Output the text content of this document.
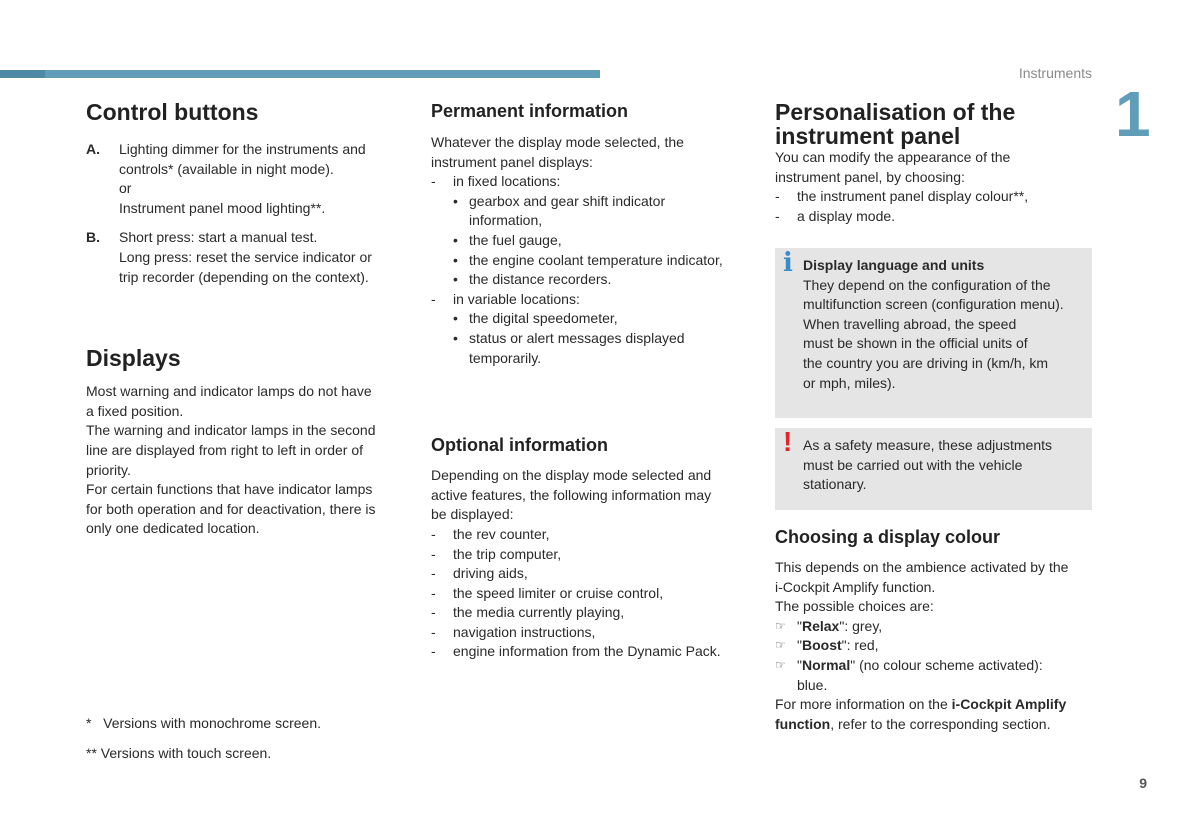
Instruments
1
9
Control buttons
A. Lighting dimmer for the instruments and

controls* (available in night mode).

or

Instrument panel mood lighting**.

B. Short press: start a manual test.

Long press: reset the service indicator or

trip recorder (depending on the context).

Displays

Most warning and indicator lamps do not have

a fixed position.

The warning and indicator lamps in the second

line are displayed from right to left in order of

priority.

For certain functions that have indicator lamps

for both operation and for deactivation, there is

only one dedicated location.

* Versions with monochrome screen.
** Versions with touch screen.
Permanent information

Whatever the display mode selected, the

instrument panel displays:

- in fixed locations:

• gearbox and gear shift indicator

information,

• the fuel gauge,
• the engine coolant temperature indicator,
• the distance recorders.
- in variable locations:
• the digital speedometer,

• status or alert messages displayed

temporarily.

Optional information

Depending on the display mode selected and

active features, the following information may

be displayed:

- the rev counter,
- the trip computer,
- driving aids,
- the speed limiter or cruise control,
- the media currently playing,
- navigation instructions,
- engine information from the Dynamic Pack.
Personalisation of the
instrument panel

You can modify the appearance of the

instrument panel, by choosing:

- the instrument panel display colour**,
- a display mode.
i Display language and units

They depend on the configuration of the

multifunction screen (configuration menu).

When travelling abroad, the speed

must be shown in the official units of

the country you are driving in (km/h, km

or mph, miles).

! As a safety measure, these adjustments

must be carried out with the vehicle

stationary.

Choosing a display colour

This depends on the ambience activated by the

i-Cockpit Amplify function.

The possible choices are:

☞ "Relax": grey,
☞ "Boost": red,
☞ "Normal" (no colour scheme activated):

blue.

For more information on the i-Cockpit Amplify
function, refer to the corresponding section.
